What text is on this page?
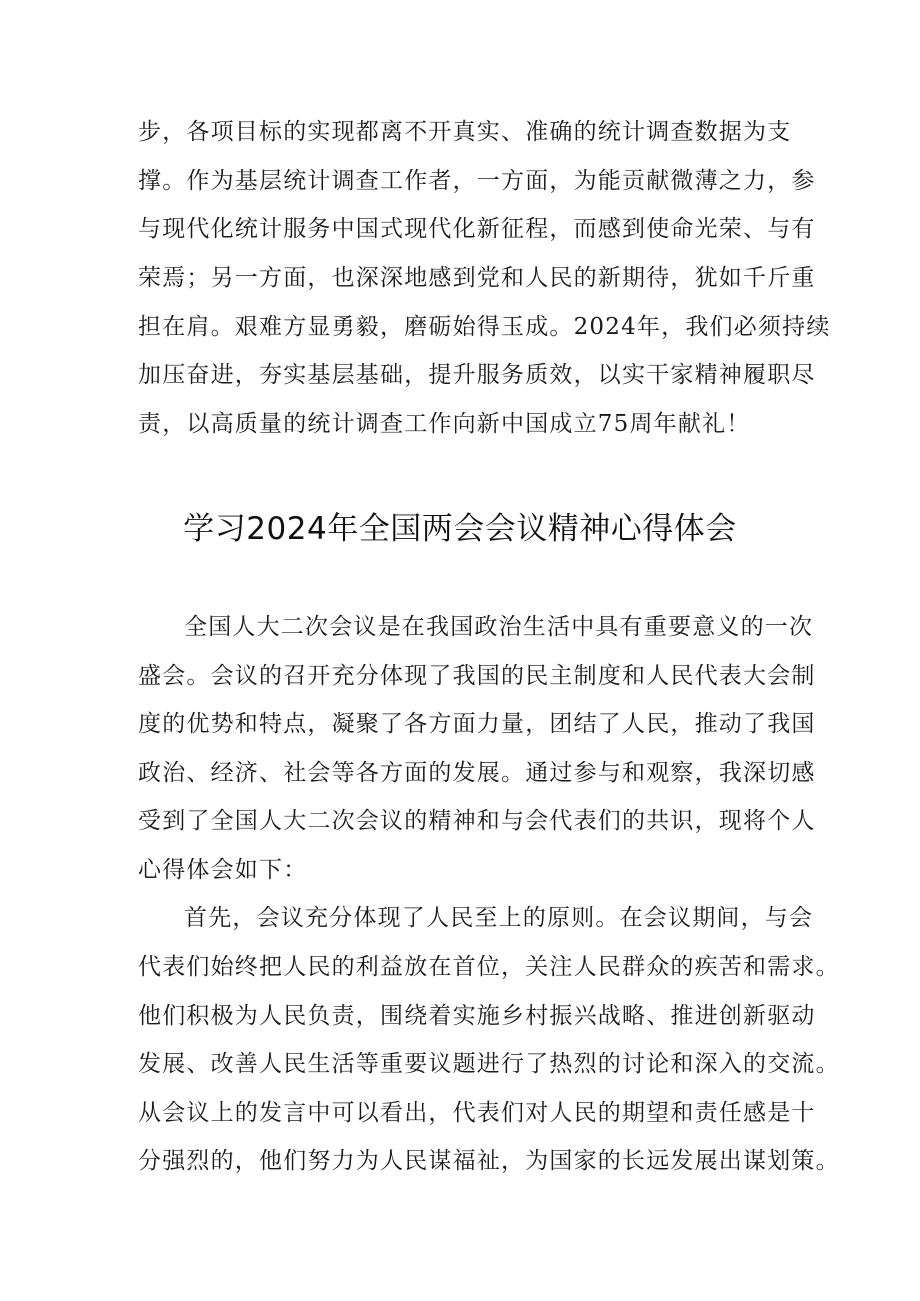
步，各项目标的实现都离不开真实、准确的统计调查数据为支
撑。作为基层统计调查工作者，一方面，为能贡献微薄之力，参
与现代化统计服务中国式现代化新征程，而感到使命光荣、与有
荣焉；另一方面，也深深地感到党和人民的新期待，犹如千斤重
担在肩。艰难方显勇毅，磨砺始得玉成。2024年，我们必须持续
加压奋进，夯实基层基础，提升服务质效，以实干家精神履职尽
责，以高质量的统计调查工作向新中国成立75周年献礼！
学习2024年全国两会会议精神心得体会
全国人大二次会议是在我国政治生活中具有重要意义的一次
盛会。会议的召开充分体现了我国的民主制度和人民代表大会制
度的优势和特点，凝聚了各方面力量，团结了人民，推动了我国
政治、经济、社会等各方面的发展。通过参与和观察，我深切感
受到了全国人大二次会议的精神和与会代表们的共识，现将个人
心得体会如下：
首先，会议充分体现了人民至上的原则。在会议期间，与会
代表们始终把人民的利益放在首位，关注人民群众的疾苦和需求。
他们积极为人民负责，围绕着实施乡村振兴战略、推进创新驱动
发展、改善人民生活等重要议题进行了热烈的讨论和深入的交流。
从会议上的发言中可以看出，代表们对人民的期望和责任感是十
分强烈的，他们努力为人民谋福祉，为国家的长远发展出谋划策。
